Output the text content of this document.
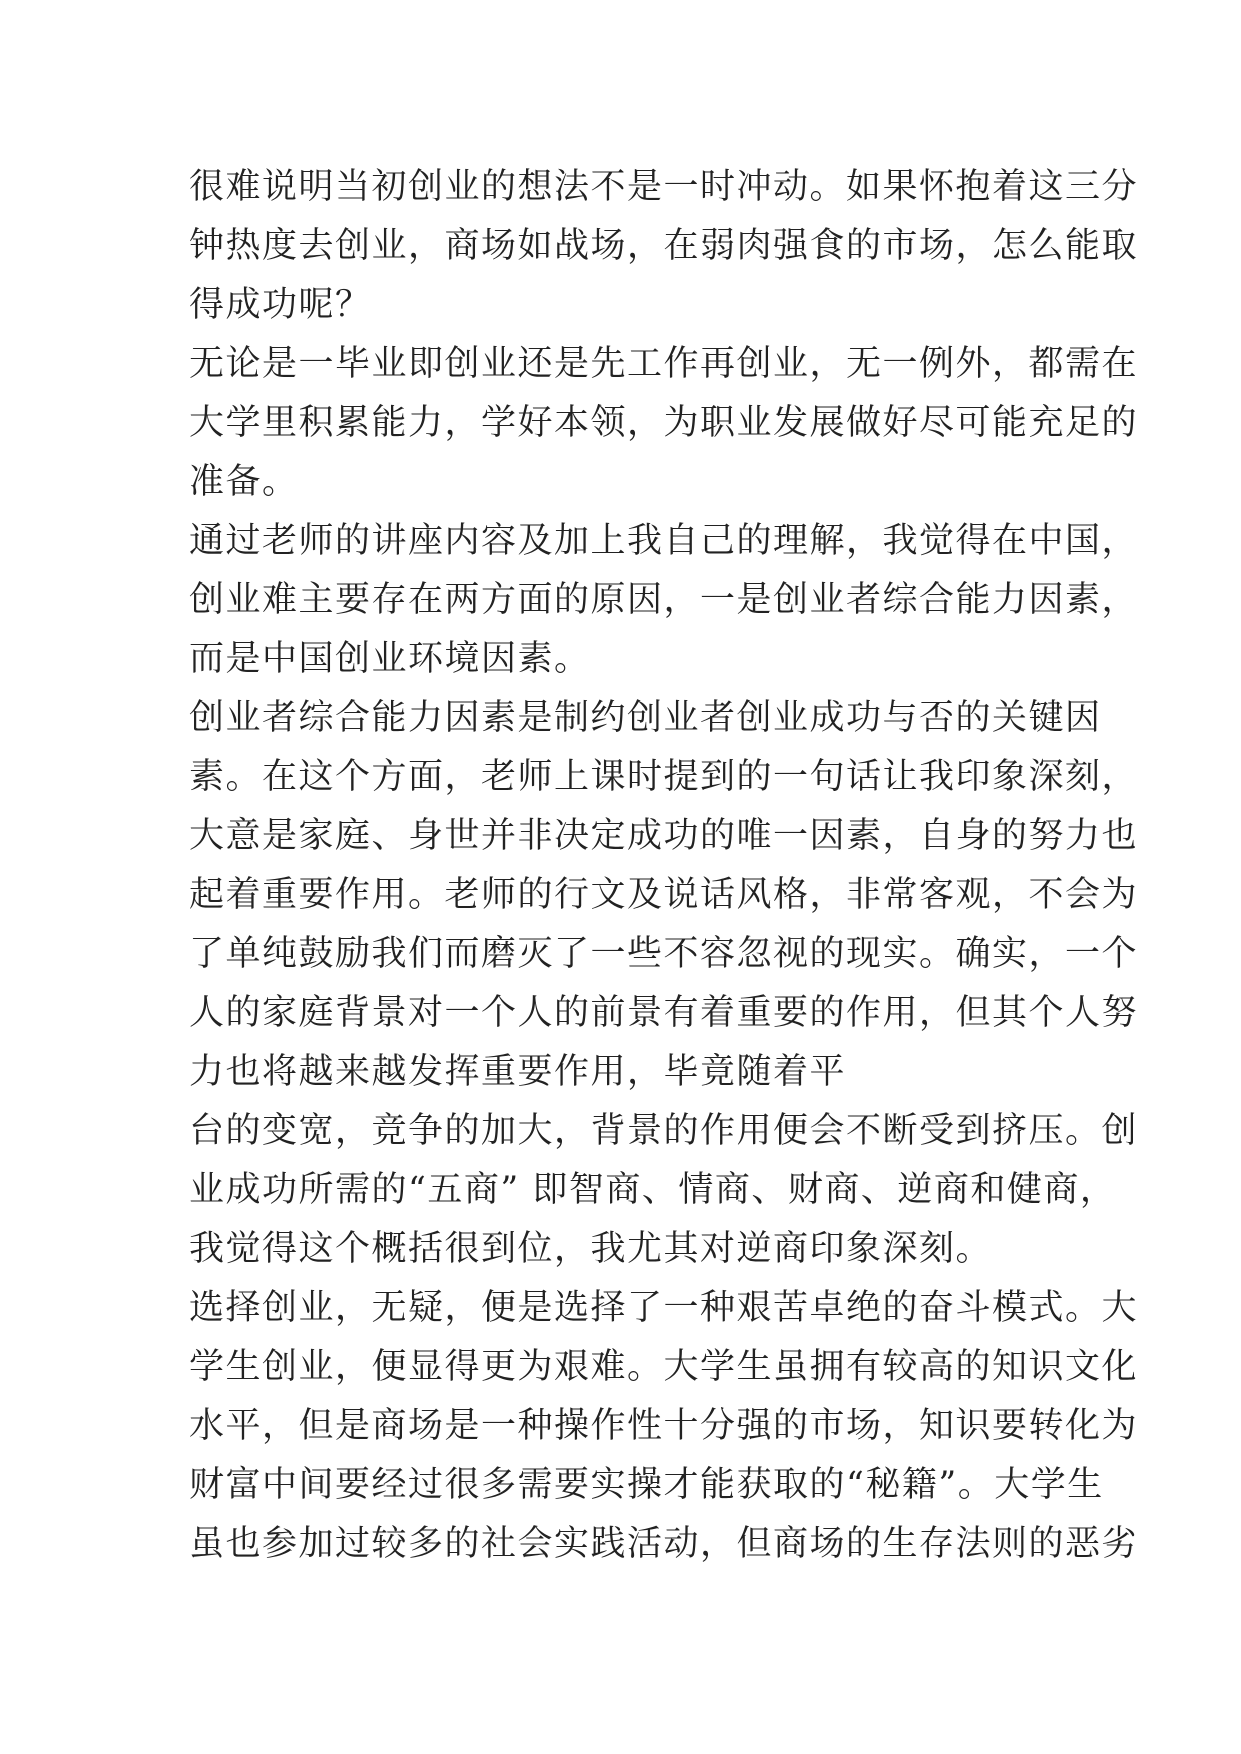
很难说明当初创业的想法不是一时冲动。如果怀抱着这三分
钟热度去创业，商场如战场，在弱肉强食的市场，怎么能取
得成功呢？
无论是一毕业即创业还是先工作再创业，无一例外，都需在
大学里积累能力，学好本领，为职业发展做好尽可能充足的
准备。
通过老师的讲座内容及加上我自己的理解，我觉得在中国，
创业难主要存在两方面的原因，一是创业者综合能力因素，
而是中国创业环境因素。
创业者综合能力因素是制约创业者创业成功与否的关键因
素。在这个方面，老师上课时提到的一句话让我印象深刻，
大意是家庭、身世并非决定成功的唯一因素，自身的努力也
起着重要作用。老师的行文及说话风格，非常客观，不会为
了单纯鼓励我们而磨灭了一些不容忽视的现实。确实，一个
人的家庭背景对一个人的前景有着重要的作用，但其个人努
力也将越来越发挥重要作用，毕竟随着平
台的变宽，竞争的加大，背景的作用便会不断受到挤压。创
业成功所需的“五商” 即智商、情商、财商、逆商和健商，
我觉得这个概括很到位，我尤其对逆商印象深刻。
选择创业，无疑，便是选择了一种艰苦卓绝的奋斗模式。大
学生创业，便显得更为艰难。大学生虽拥有较高的知识文化
水平，但是商场是一种操作性十分强的市场，知识要转化为
财富中间要经过很多需要实操才能获取的“秘籍”。大学生
虽也参加过较多的社会实践活动，但商场的生存法则的恶劣
